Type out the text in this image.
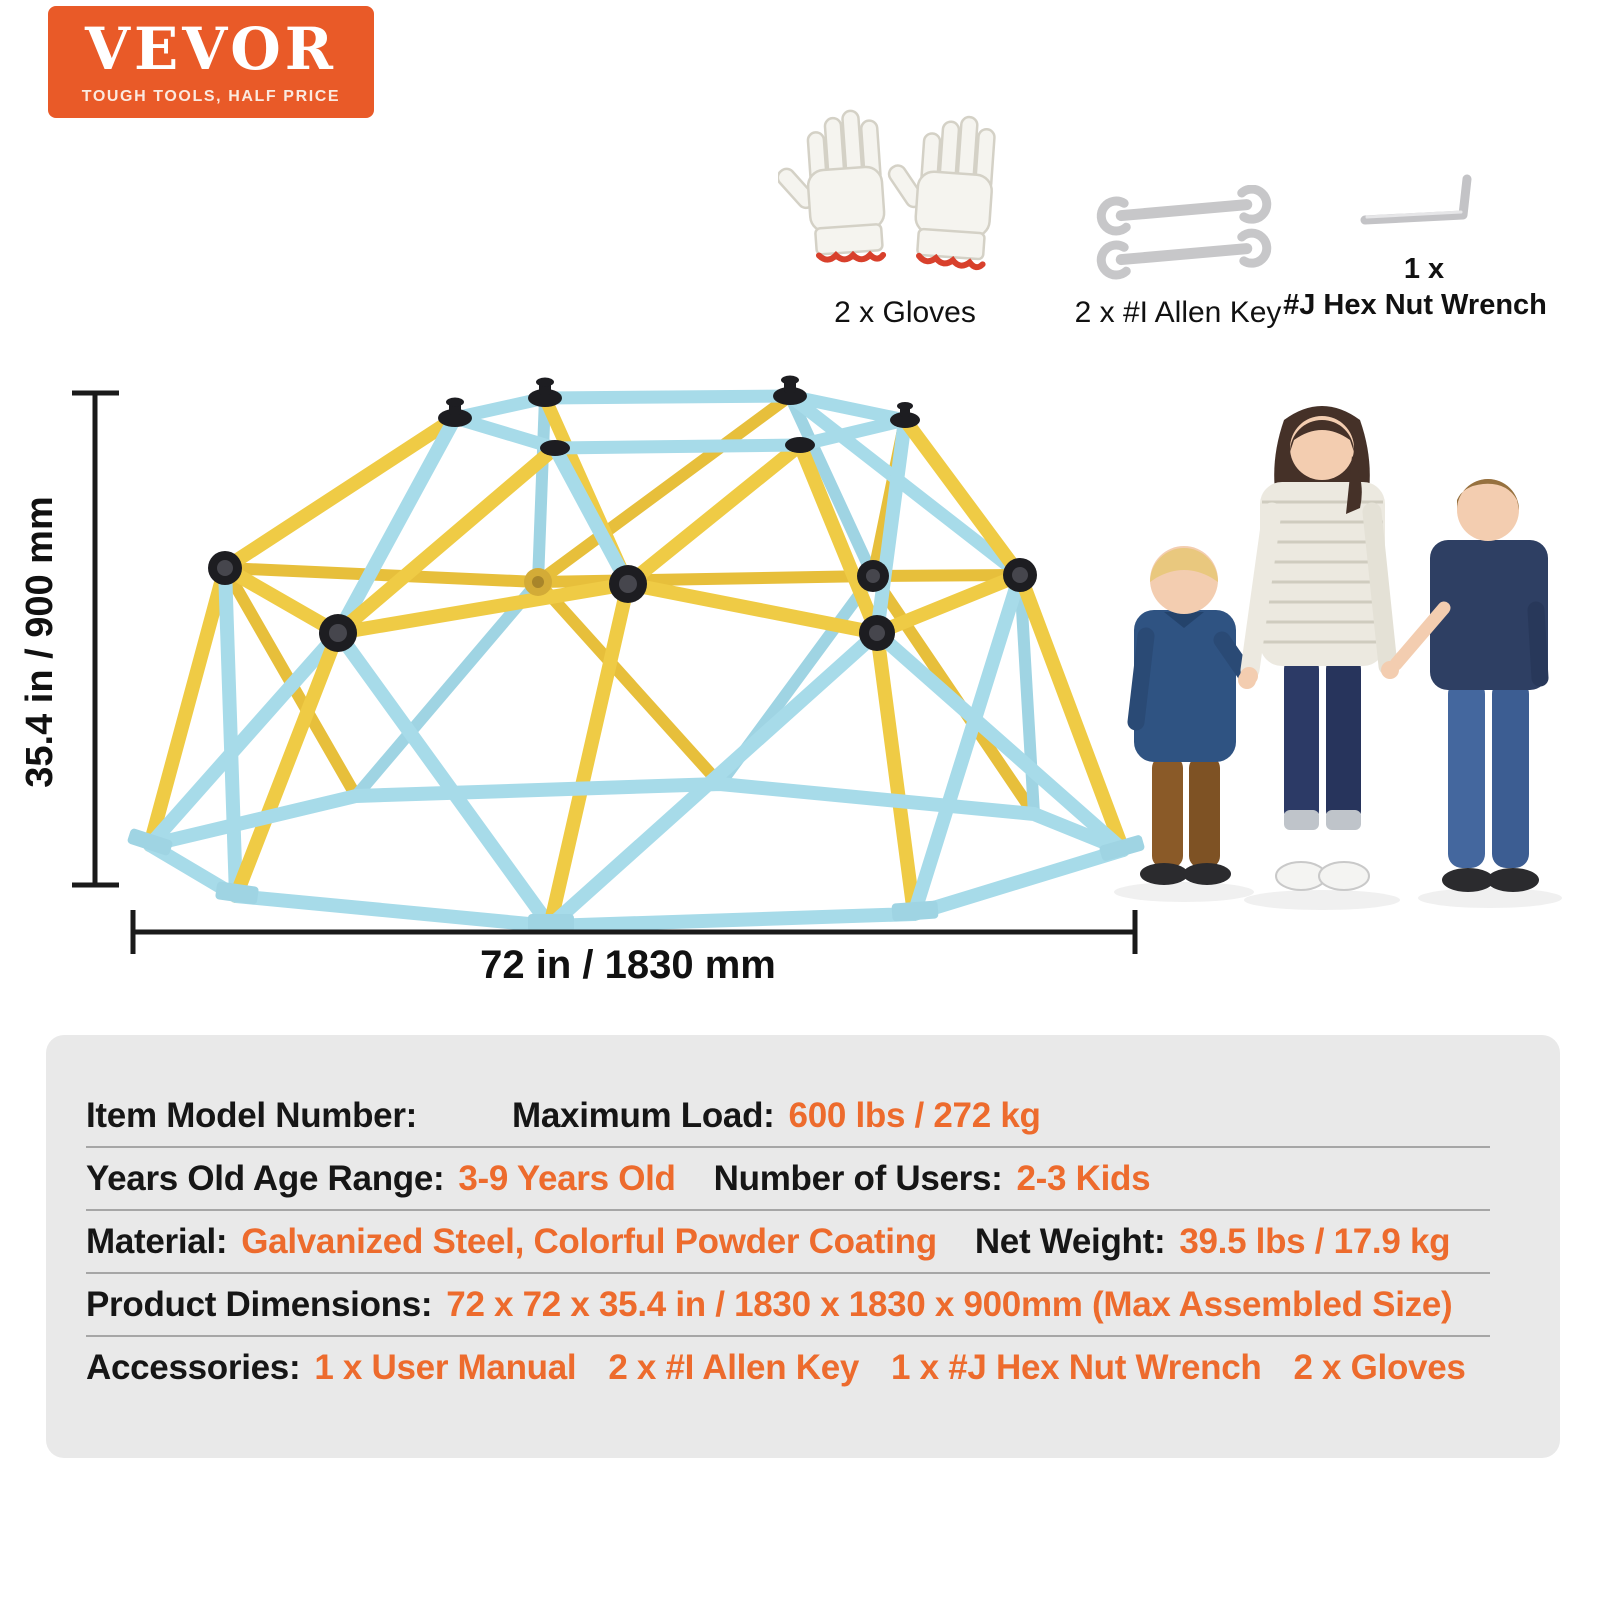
VEVOR
TOUGH TOOLS, HALF PRICE
2 x Gloves	2 x #I Allen Key
1 x
#J Hex Nut Wrench
35.4 in / 900 mm
72 in / 1830 mm
Item Model Number:	Maximum Load: 600 lbs / 272 kg
Years Old Age Range: 3-9 Years Old Number of Users: 2-3 Kids
Material: Galvanized Steel, Colorful Powder Coating Net Weight: 39.5 lbs / 17.9 kg
Product Dimensions: 72 x 72 x 35.4 in / 1830 x 1830 x 900mm (Max Assembled Size)
Accessories: 1 x User Manual 2 x #I Allen Key 1 x #J Hex Nut Wrench 2 x Gloves
